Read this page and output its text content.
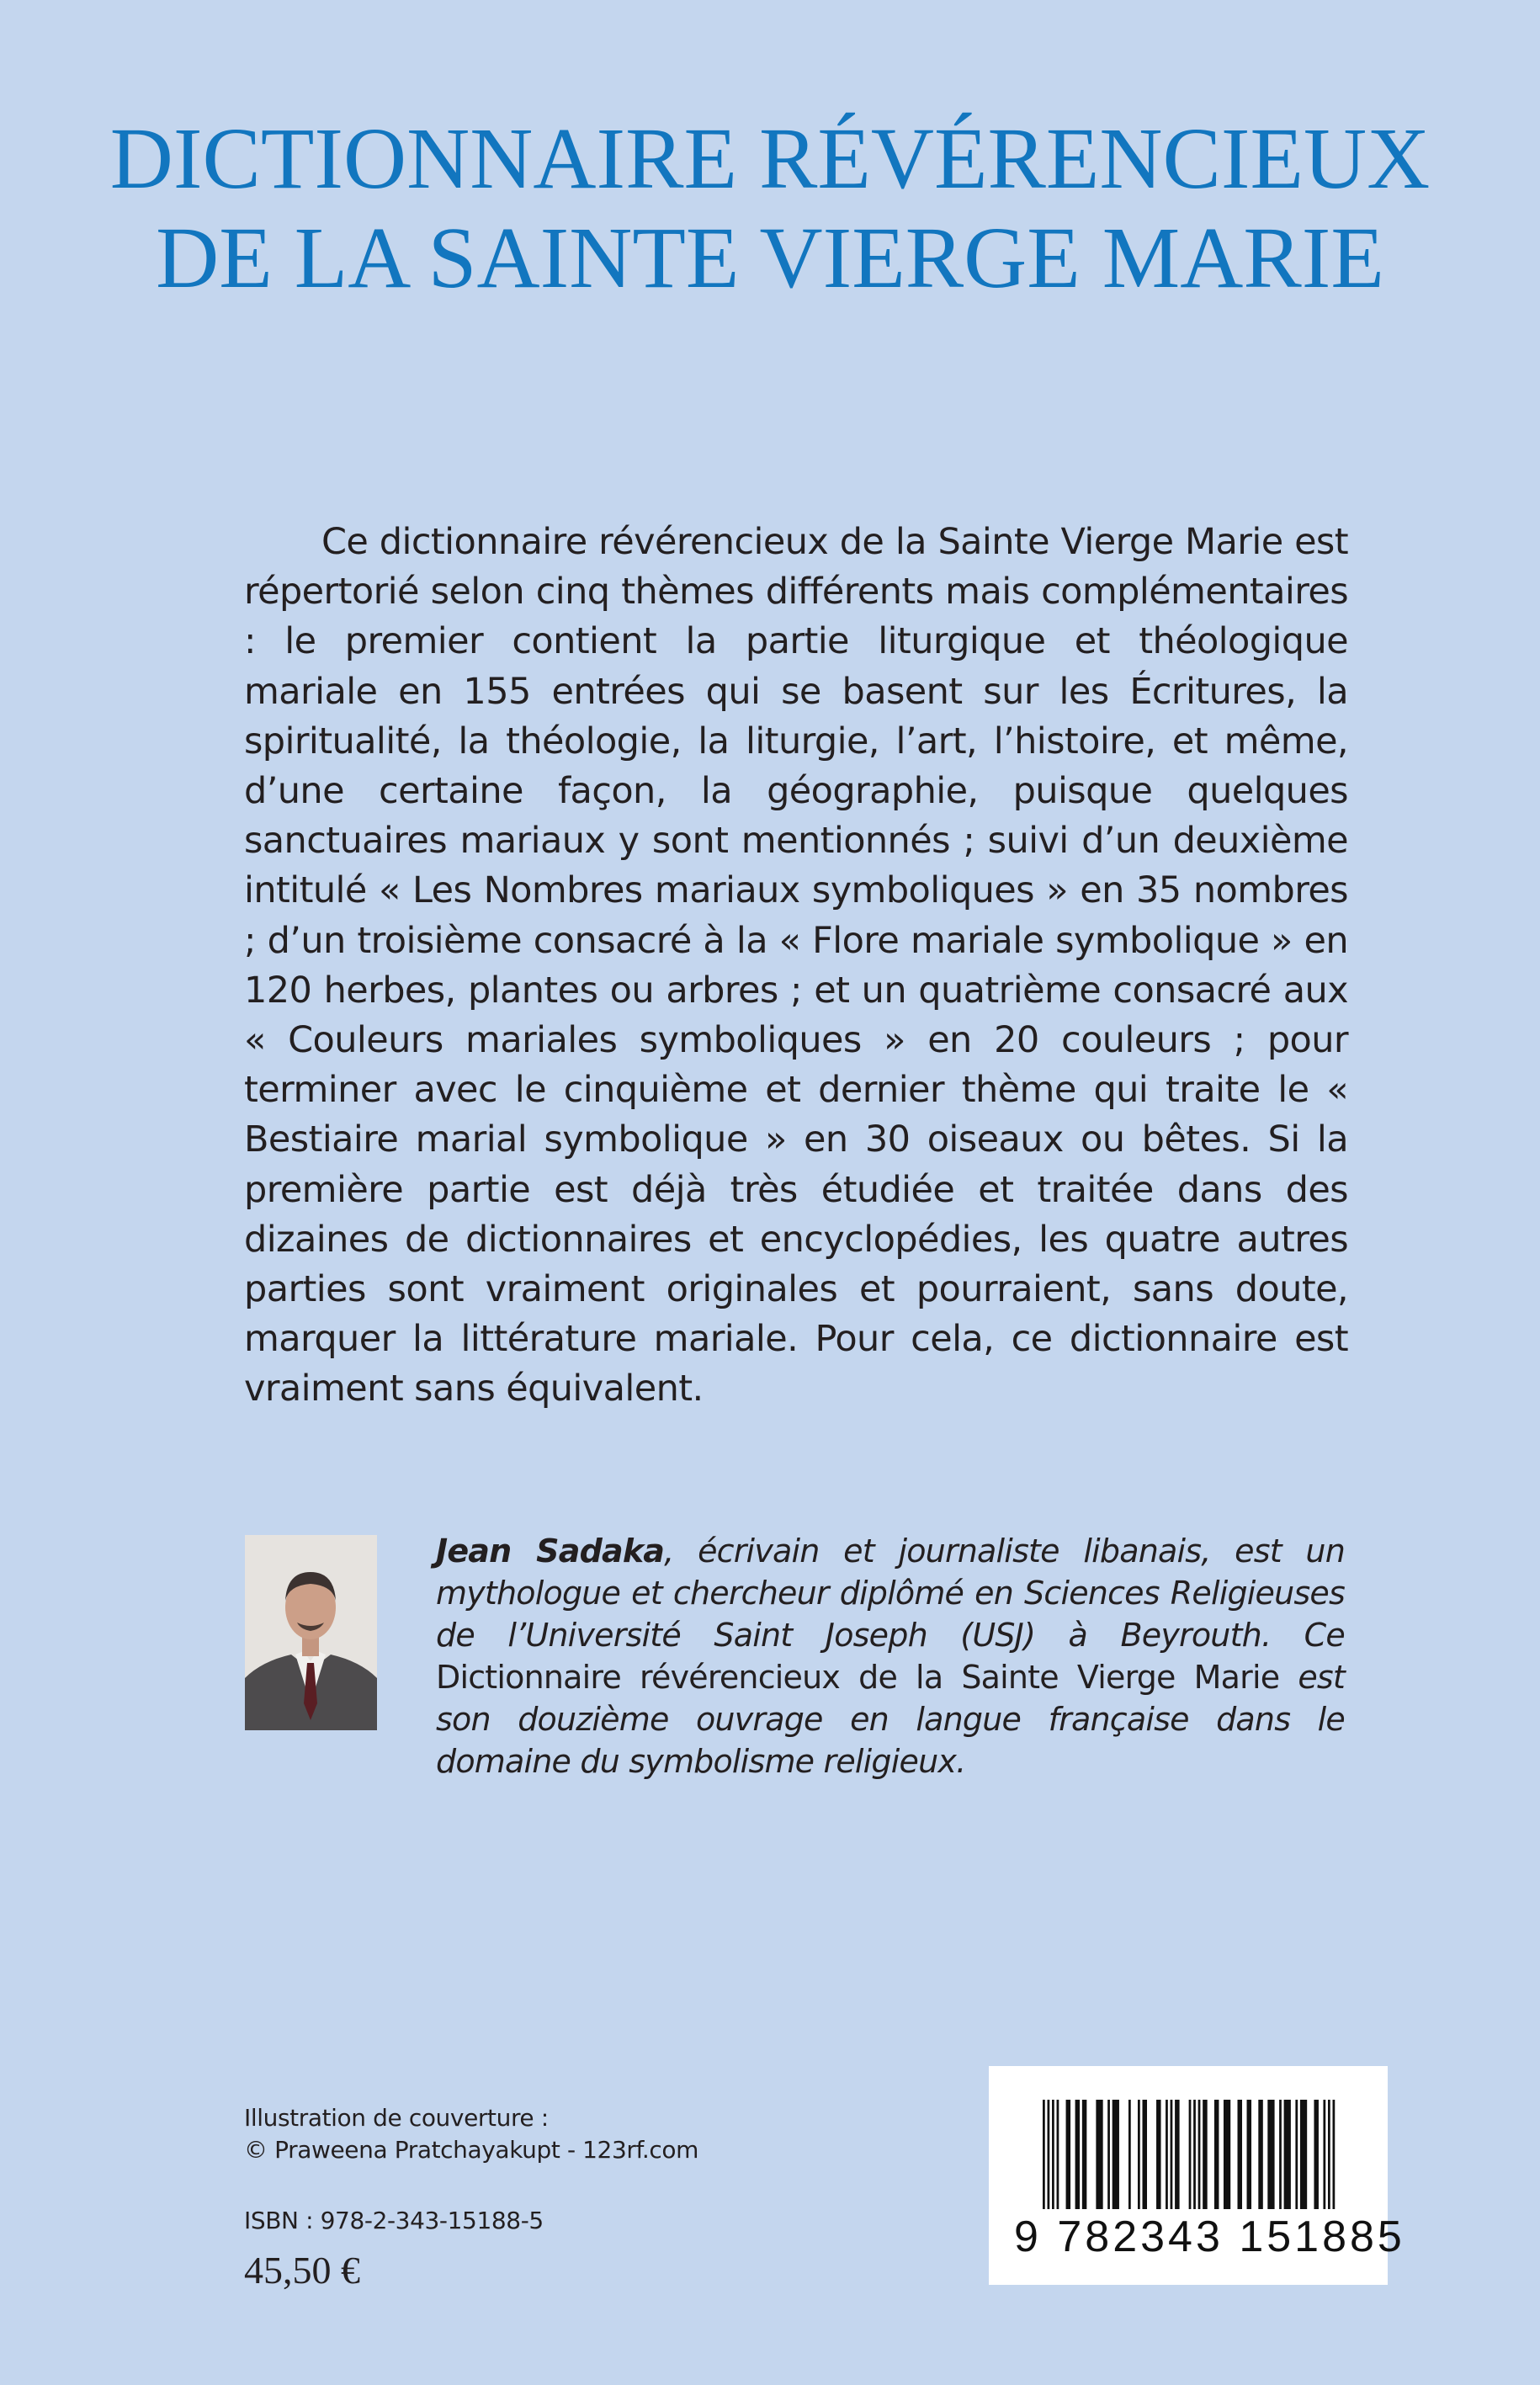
DICTIONNAIRE RÉVÉRENCIEUX
DE LA SAINTE VIERGE MARIE

Ce dictionnaire révérencieux de la Sainte Vierge Marie est répertorié selon cinq thèmes différents mais complémentaires : le premier contient la partie liturgique et théologique mariale en 155 entrées qui se basent sur les Écritures, la spiritualité, la théologie, la liturgie, l’art, l’histoire, et même, d’une certaine façon, la géographie, puisque quelques sanctuaires mariaux y sont mentionnés ; suivi d’un deuxième intitulé « Les Nombres mariaux symboliques » en 35 nombres ; d’un troisième consacré à la « Flore mariale symbolique » en 120 herbes, plantes ou arbres ; et un quatrième consacré aux « Couleurs mariales symboliques » en 20 couleurs ; pour terminer avec le cinquième et dernier thème qui traite le « Bestiaire marial symbolique » en 30 oiseaux ou bêtes. Si la première partie est déjà très étudiée et traitée dans des dizaines de dictionnaires et encyclopédies, les quatre autres parties sont vraiment originales et pourraient, sans doute, marquer la littérature mariale. Pour cela, ce dictionnaire est vraiment sans équivalent.

Jean Sadaka, écrivain et journaliste libanais, est un mythologue et chercheur diplômé en Sciences Religieuses de l’Université Saint Joseph (USJ) à Beyrouth. Ce Dictionnaire révérencieux de la Sainte Vierge Marie est son douzième ouvrage en langue française dans le domaine du symbolisme religieux.

Illustration de couverture :
© Praweena Pratchayakupt - 123rf.com
ISBN : 978-2-343-15188-5
45,50 €
9 782343 151885
